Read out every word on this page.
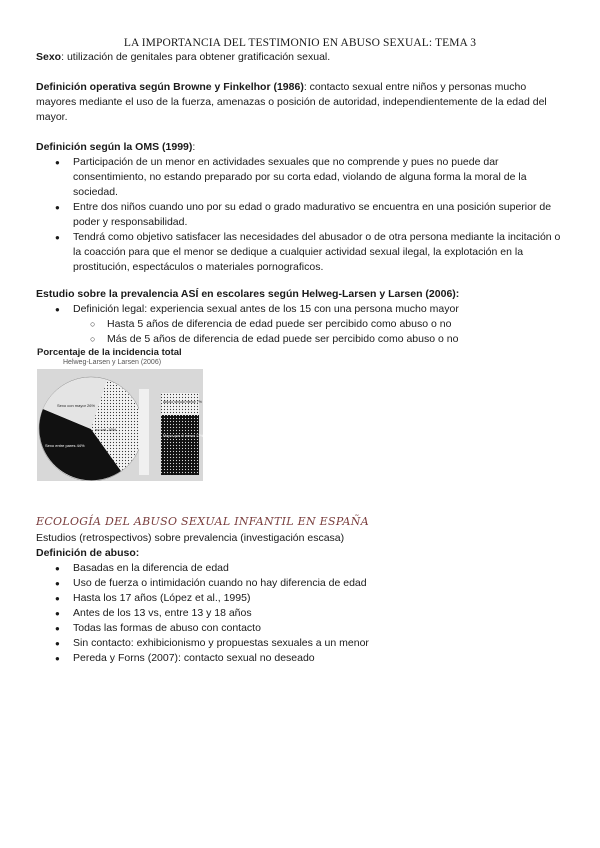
LA IMPORTANCIA DEL TESTIMONIO EN ABUSO SEXUAL: TEMA 3
Sexo: utilización de genitales para obtener gratificación sexual.
Definición operativa según Browne y Finkelhor (1986): contacto sexual entre niños y personas mucho mayores mediante el uso de la fuerza, amenazas o posición de autoridad, independientemente de la edad del mayor.
Definición según la OMS (1999):
● Participación de un menor en actividades sexuales que no comprende y pues no puede dar consentimiento, no estando preparado por su corta edad, violando de alguna forma la moral de la sociedad.
● Entre dos niños cuando uno por su edad o grado madurativo se encuentra en una posición superior de poder y responsabilidad.
● Tendrá como objetivo satisfacer las necesidades del abusador o de otra persona mediante la incitación o la coacción para que el menor se dedique a cualquier actividad sexual ilegal, la explotación en la prostitución, espectáculos o materiales pornograficos.
Estudio sobre la prevalencia ASÍ en escolares según Helweg-Larsen y Larsen (2006):
● Definición legal: experiencia sexual antes de los 15 con una persona mucho mayor
○ Hasta 5 años de diferencia de edad puede ser percibido como abuso o no
○ Más de 5 años de diferencia de edad puede ser percibido como abuso o no
Porcentaje de la incidencia total
Helweg-Larsen y Larsen (2006)
Sexo con mayor 26%
Sexo entre pares 44%
no cat. 16%
Abuso sexual menor 7%
Mayor que el menor 17%
ECOLOGÍA DEL ABUSO SEXUAL INFANTIL EN ESPAÑA
Estudios (retrospectivos) sobre prevalencia (investigación escasa)
Definición de abuso:
● Basadas en la diferencia de edad
● Uso de fuerza o intimidación cuando no hay diferencia de edad
● Hasta los 17 años (López et al., 1995)
● Antes de los 13 vs, entre 13 y 18 años
● Todas las formas de abuso con contacto
● Sin contacto: exhibicionismo y propuestas sexuales a un menor
● Pereda y Forns (2007): contacto sexual no deseado
